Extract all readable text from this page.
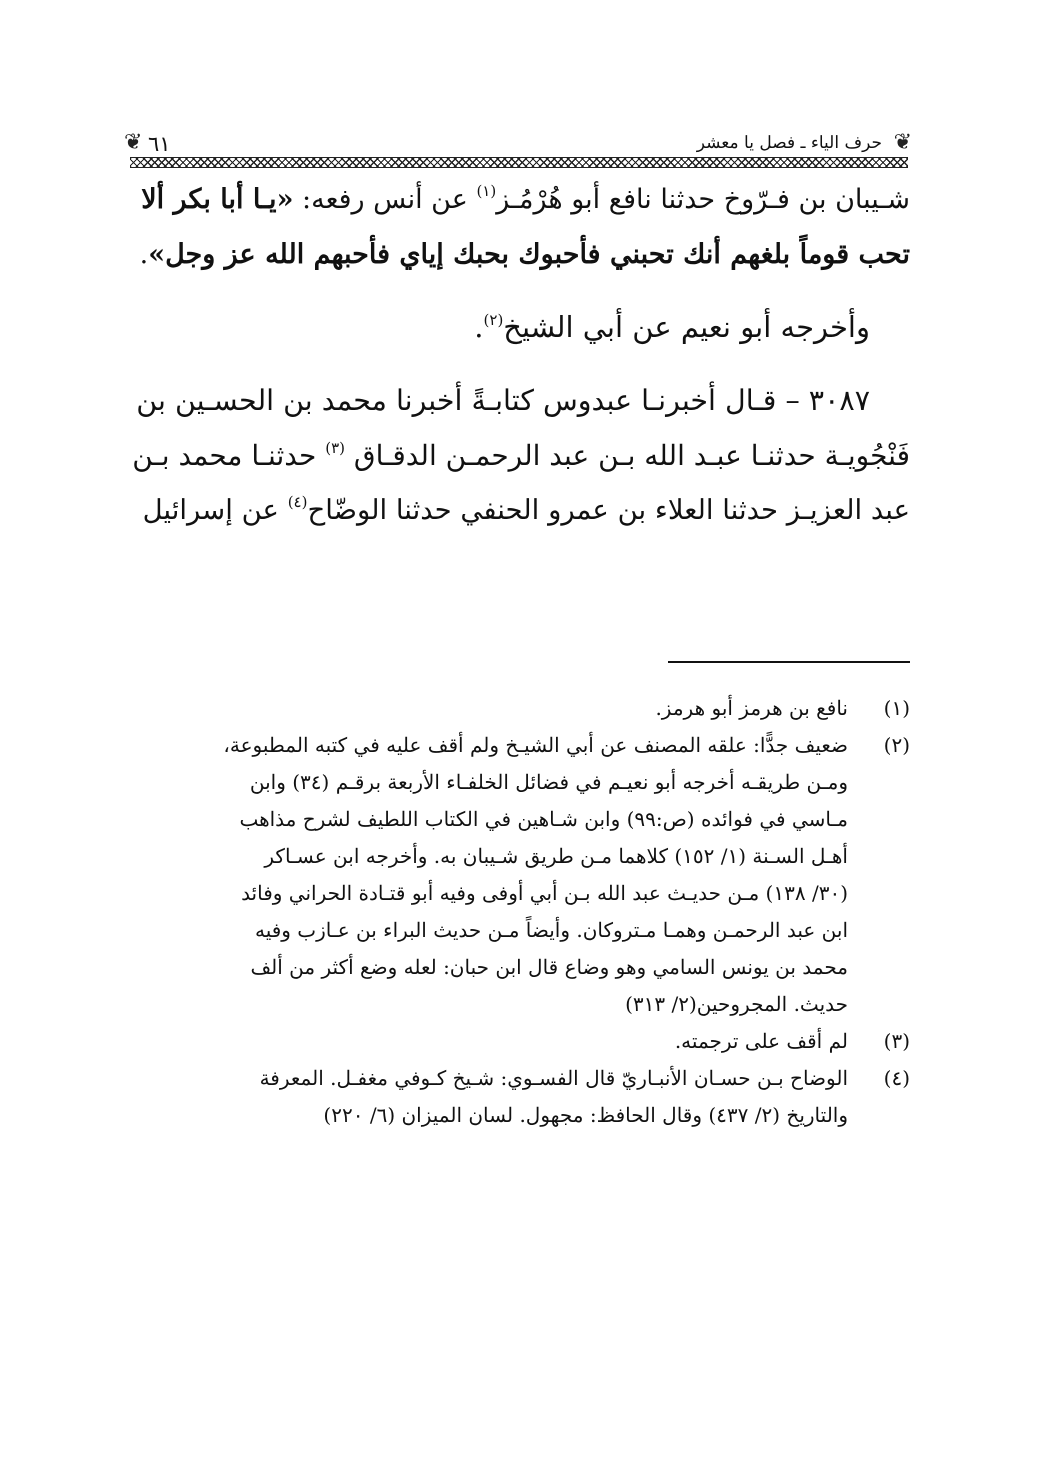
❦ ٦١	حرف الياء ـ فصل يا معشر ❦
شـيبان بن فـرّوخ حدثنا نافع أبو هُرْمُـز$^{(١)}$ عن أنس رفعه: «يـا أبا بكر ألا
تحب قوماً بلغهم أنك تحبني فأحبوك بحبك إياي فأحبهم الله عز وجل».
وأخرجه أبو نعيم عن أبي الشيخ$^{(٢)}$.
٣٠٨٧ – قـال أخبرنـا عبدوس كتابـةً أخبرنا محمد بن الحسـين بن
فَنْجُويـة حدثنـا عبـد الله بـن عبد الرحمـن الدقـاق $^{(٣)}$ حدثنـا محمد بـن
عبد العزيـز حدثنا العلاء بن عمرو الحنفي حدثنا الوضّاح$^{(٤)}$ عن إسرائيل
(١)
نافع بن هرمز أبو هرمز.
(٢)
ضعيف جدًّا: علقه المصنف عن أبي الشيـخ ولم أقف عليه في كتبه المطبوعة،
ومـن طريقـه أخرجه أبو نعيـم في فضائل الخلفـاء الأربعة برقـم (٣٤) وابن
مـاسي في فوائده (ص:٩٩) وابن شـاهين في الكتاب اللطيف لشرح مذاهب
أهـل السـنة (١/ ١٥٢) كلاهما مـن طريق شـيبان به. وأخرجه ابن عسـاكر
(٣٠/ ١٣٨) مـن حديـث عبد الله بـن أبي أوفى وفيه أبو قتـادة الحراني وفائد
ابن عبد الرحمـن وهمـا مـتروكان. وأيضاً مـن حديث البراء بن عـازب وفيه
محمد بن يونس السامي وهو وضاع قال ابن حبان: لعله وضع أكثر من ألف
حديث. المجروحين(٢/ ٣١٣)
(٣)
لم أقف على ترجمته.
(٤)
الوضاح بـن حسـان الأنبـاريّ قال الفسـوي: شـيخ كـوفي مغفـل. المعرفة
والتاريخ (٢/ ٤٣٧) وقال الحافظ: مجهول. لسان الميزان (٦/ ٢٢٠)
